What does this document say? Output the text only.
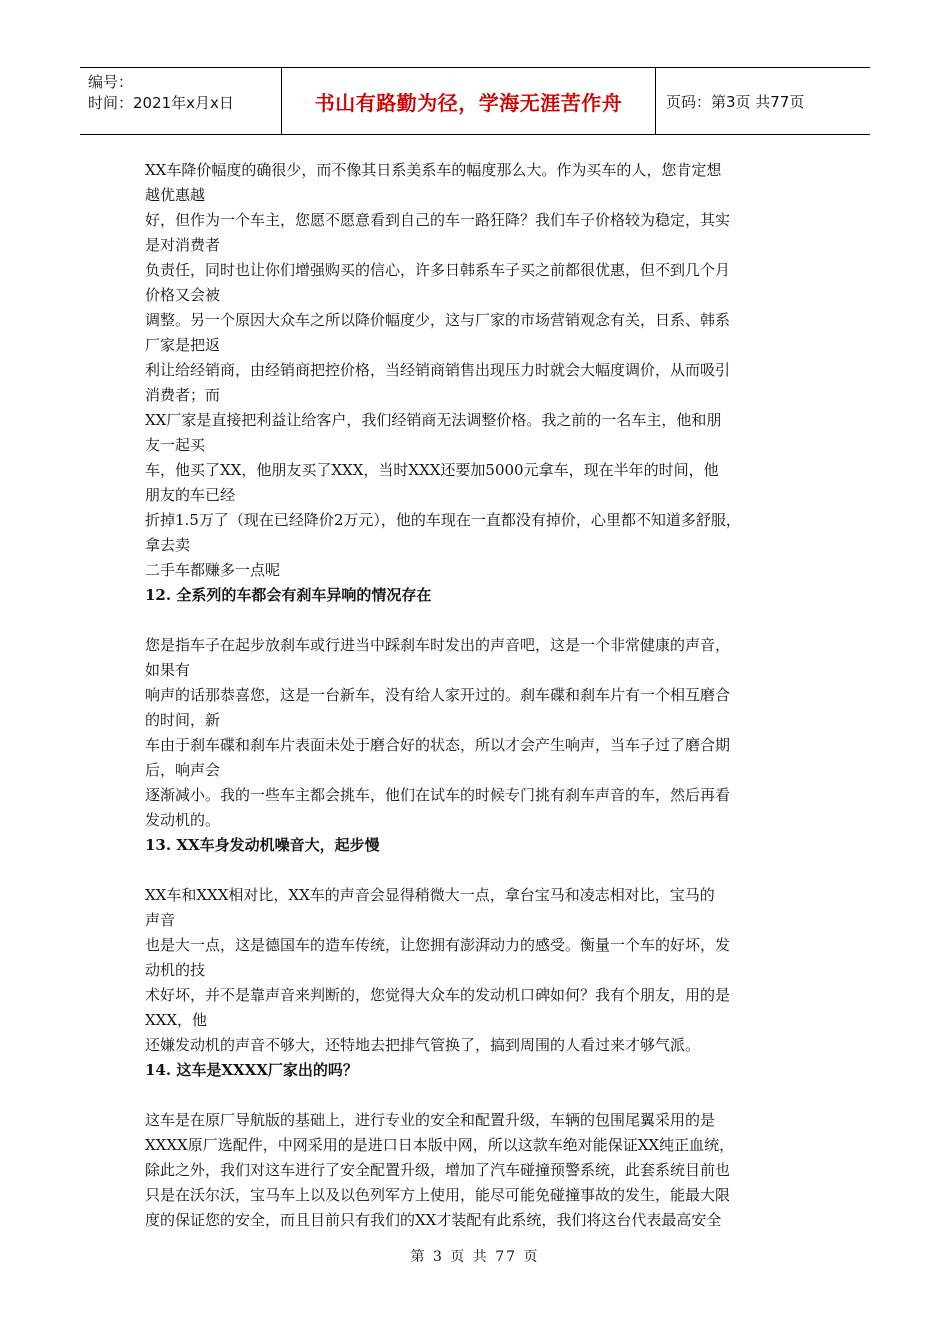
编号：
时间：2021年x月x日	书山有路勤为径，学海无涯苦作舟	页码：第3页 共77页

XX车降价幅度的确很少，而不像其日系美系车的幅度那么大。作为买车的人，您肯定想

越优惠越

好，但作为一个车主，您愿不愿意看到自己的车一路狂降？我们车子价格较为稳定，其实

是对消费者

负责任，同时也让你们增强购买的信心，许多日韩系车子买之前都很优惠，但不到几个月

价格又会被

调整。另一个原因大众车之所以降价幅度少，这与厂家的市场营销观念有关，日系、韩系

厂家是把返

利让给经销商，由经销商把控价格，当经销商销售出现压力时就会大幅度调价，从而吸引

消费者；而

XX厂家是直接把利益让给客户，我们经销商无法调整价格。我之前的一名车主，他和朋

友一起买

车，他买了XX，他朋友买了XXX，当时XXX还要加5000元拿车，现在半年的时间，他

朋友的车已经

折掉1.5万了（现在已经降价2万元），他的车现在一直都没有掉价，心里都不知道多舒服，

拿去卖

二手车都赚多一点呢

12. 全系列的车都会有刹车异响的情况存在

您是指车子在起步放刹车或行进当中踩刹车时发出的声音吧，这是一个非常健康的声音，

如果有

响声的话那恭喜您，这是一台新车，没有给人家开过的。刹车碟和刹车片有一个相互磨合

的时间，新

车由于刹车碟和刹车片表面未处于磨合好的状态，所以才会产生响声，当车子过了磨合期

后，响声会

逐渐减小。我的一些车主都会挑车，他们在试车的时候专门挑有刹车声音的车，然后再看

发动机的。

13. XX车身发动机噪音大，起步慢

XX车和XXX相对比，XX车的声音会显得稍微大一点，拿台宝马和凌志相对比，宝马的

声音

也是大一点，这是德国车的造车传统，让您拥有澎湃动力的感受。衡量一个车的好坏，发

动机的技

术好坏，并不是靠声音来判断的，您觉得大众车的发动机口碑如何？我有个朋友，用的是

XXX，他

还嫌发动机的声音不够大，还特地去把排气管换了，搞到周围的人看过来才够气派。

14. 这车是XXXX厂家出的吗？

这车是在原厂导航版的基础上，进行专业的安全和配置升级，车辆的包围尾翼采用的是

XXXX原厂选配件，中网采用的是进口日本版中网，所以这款车绝对能保证XX纯正血统，

除此之外，我们对这车进行了安全配置升级，增加了汽车碰撞预警系统，此套系统目前也

只是在沃尔沃，宝马车上以及以色列军方上使用，能尽可能免碰撞事故的发生，能最大限

度的保证您的安全，而且目前只有我们的XX才装配有此系统，我们将这台代表最高安全

第 3 页 共 77 页
